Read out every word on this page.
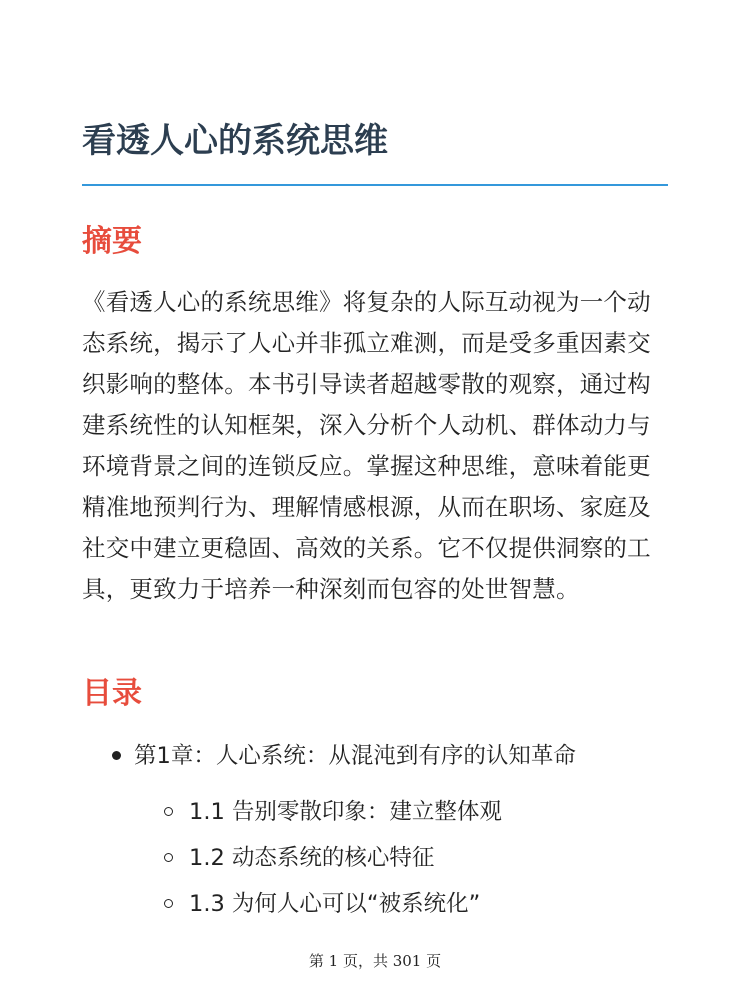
看透人心的系统思维
摘要

《看透人心的系统思维》将复杂的人际互动视为一个动态系统，揭示了人心并非孤立难测，而是受多重因素交织影响的整体。本书引导读者超越零散的观察，通过构建系统性的认知框架，深入分析个人动机、群体动力与环境背景之间的连锁反应。掌握这种思维，意味着能更精准地预判行为、理解情感根源，从而在职场、家庭及社交中建立更稳固、高效的关系。它不仅提供洞察的工具，更致力于培养一种深刻而包容的处世智慧。

目录
第1章：人心系统：从混沌到有序的认知革命
1.1 告别零散印象：建立整体观
1.2 动态系统的核心特征
1.3 为何人心可以“被系统化”
第 1 页，共 301 页
